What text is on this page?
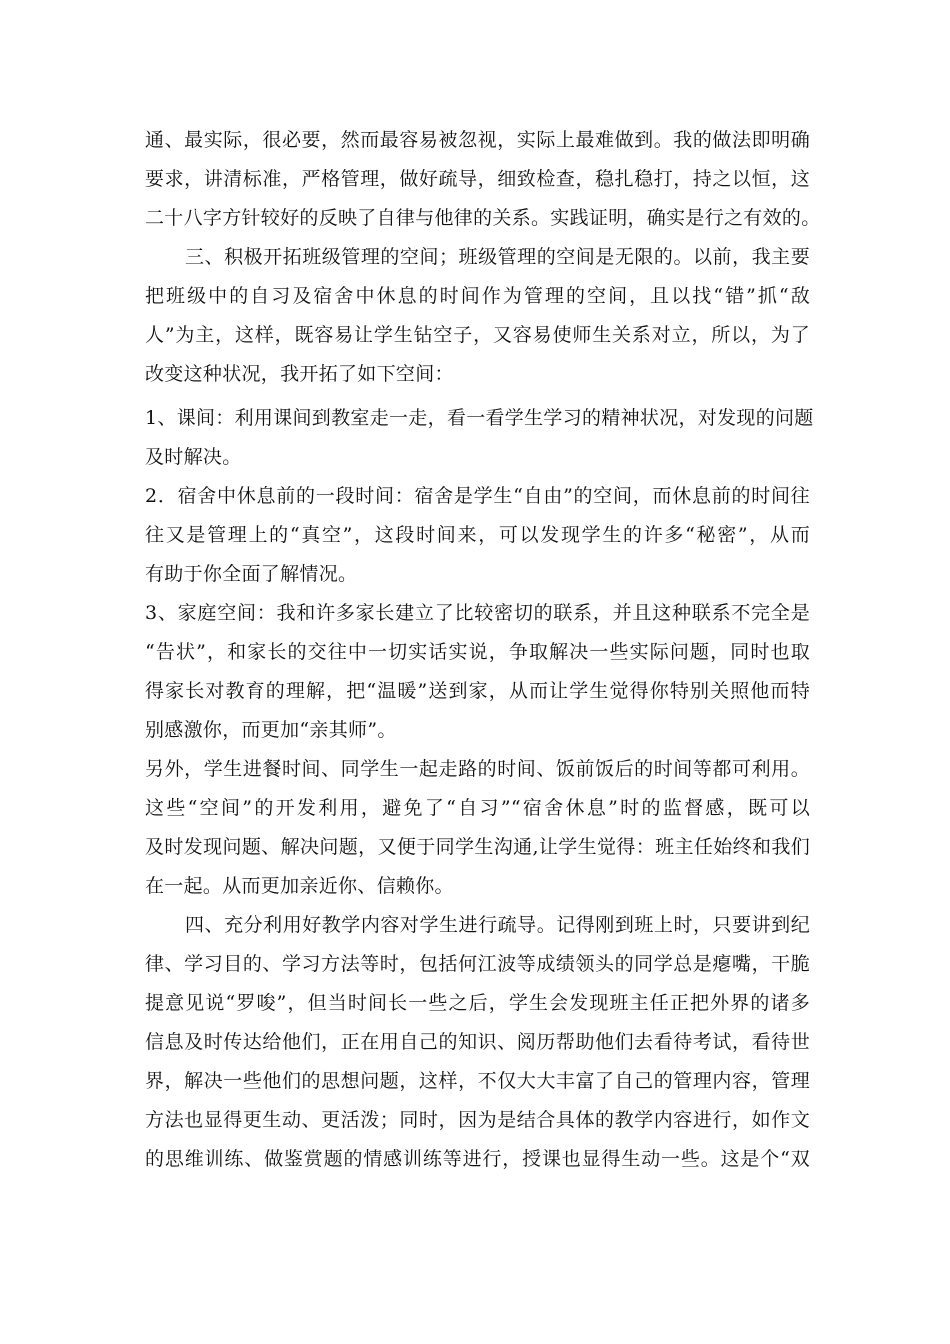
通、最实际，很必要，然而最容易被忽视，实际上最难做到。我的做法即明确
要求，讲清标准，严格管理，做好疏导，细致检查，稳扎稳打，持之以恒，这
二十八字方针较好的反映了自律与他律的关系。实践证明，确实是行之有效的。
三、积极开拓班级管理的空间；班级管理的空间是无限的。以前，我主要
把班级中的自习及宿舍中休息的时间作为管理的空间，且以找“错”抓“敌
人”为主，这样，既容易让学生钻空子，又容易使师生关系对立，所以，为了
改变这种状况，我开拓了如下空间：
1、课间：利用课间到教室走一走，看一看学生学习的精神状况，对发现的问题
及时解决。
2．宿舍中休息前的一段时间：宿舍是学生“自由”的空间，而休息前的时间往
往又是管理上的“真空”，这段时间来，可以发现学生的许多“秘密”，从而
有助于你全面了解情况。
3、家庭空间：我和许多家长建立了比较密切的联系，并且这种联系不完全是
“告状”，和家长的交往中一切实话实说，争取解决一些实际问题，同时也取
得家长对教育的理解，把“温暖”送到家，从而让学生觉得你特别关照他而特
别感激你，而更加“亲其师”。
另外，学生进餐时间、同学生一起走路的时间、饭前饭后的时间等都可利用。
这些“空间”的开发利用，避免了“自习”“宿舍休息”时的监督感，既可以
及时发现问题、解决问题，又便于同学生沟通,让学生觉得：班主任始终和我们
在一起。从而更加亲近你、信赖你。
四、充分利用好教学内容对学生进行疏导。记得刚到班上时，只要讲到纪
律、学习目的、学习方法等时，包括何江波等成绩领头的同学总是瘪嘴，干脆
提意见说“罗唆”，但当时间长一些之后，学生会发现班主任正把外界的诸多
信息及时传达给他们，正在用自己的知识、阅历帮助他们去看待考试，看待世
界，解决一些他们的思想问题，这样，不仅大大丰富了自己的管理内容，管理
方法也显得更生动、更活泼；同时，因为是结合具体的教学内容进行，如作文
的思维训练、做鉴赏题的情感训练等进行，授课也显得生动一些。这是个“双
